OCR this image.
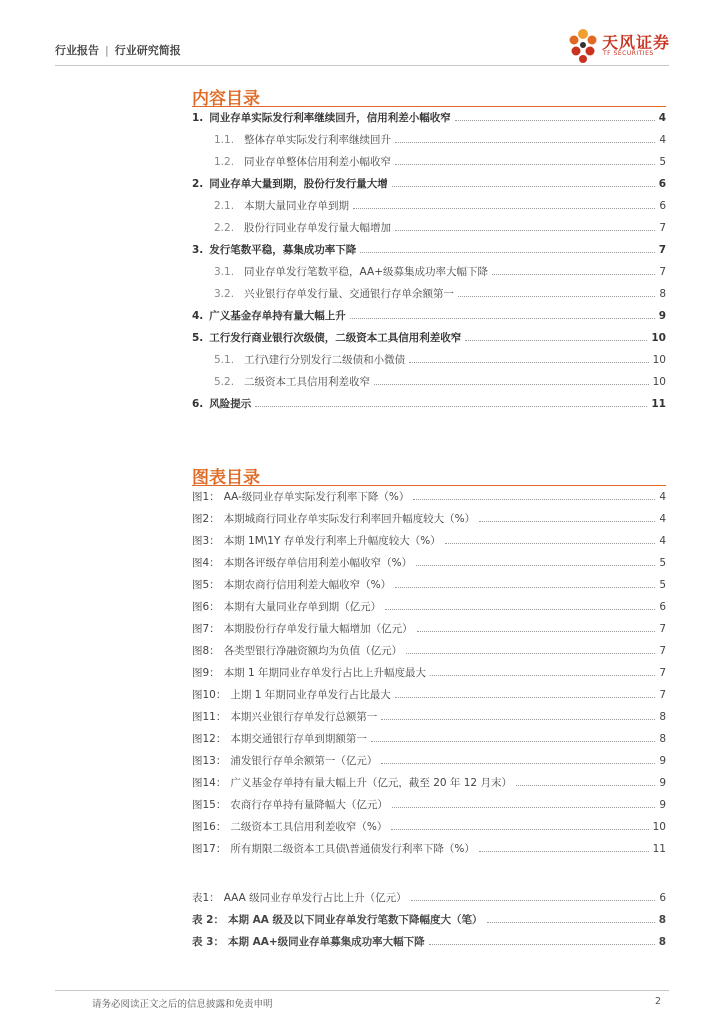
行业报告 | 行业研究简报	天风证券
TF SECURITIES
内容目录
1. 同业存单实际发行利率继续回升，信用利差小幅收窄	4
1.1. 整体存单实际发行利率继续回升	4
1.2. 同业存单整体信用利差小幅收窄	5
2. 同业存单大量到期，股份行发行量大增	6
2.1. 本期大量同业存单到期	6
2.2. 股份行同业存单发行量大幅增加	7
3. 发行笔数平稳，募集成功率下降	7
3.1. 同业存单发行笔数平稳，AA+级募集成功率大幅下降	7
3.2. 兴业银行存单发行量、交通银行存单余额第一	8
4. 广义基金存单持有量大幅上升	9
5. 工行发行商业银行次级债，二级资本工具信用利差收窄	10
5.1. 工行\建行分别发行二级债和小微债	10
5.2. 二级资本工具信用利差收窄	10
6. 风险提示	11
图表目录
图1： AA-级同业存单实际发行利率下降（%）	4
图2： 本期城商行同业存单实际发行利率回升幅度较大（%）	4
图3： 本期 1M\1Y 存单发行利率上升幅度较大（%）	4
图4： 本期各评级存单信用利差小幅收窄（%）	5
图5： 本期农商行信用利差大幅收窄（%）	5
图6： 本期有大量同业存单到期（亿元）	6
图7： 本期股份行存单发行量大幅增加（亿元）	7
图8： 各类型银行净融资额均为负值（亿元）	7
图9： 本期 1 年期同业存单发行占比上升幅度最大	7
图10： 上期 1 年期同业存单发行占比最大	7
图11： 本期兴业银行存单发行总额第一	8
图12： 本期交通银行存单到期额第一	8
图13： 浦发银行存单余额第一（亿元）	9
图14： 广义基金存单持有量大幅上升（亿元，截至 20 年 12 月末）	9
图15： 农商行存单持有量降幅大（亿元）	9
图16： 二级资本工具信用利差收窄（%）	10
图17： 所有期限二级资本工具债\普通债发行利率下降（%）	11
表1： AAA 级同业存单发行占比上升（亿元）	6
表 2： 本期 AA 级及以下同业存单发行笔数下降幅度大（笔）	8
表 3： 本期 AA+级同业存单募集成功率大幅下降	8
请务必阅读正文之后的信息披露和免责申明	2
